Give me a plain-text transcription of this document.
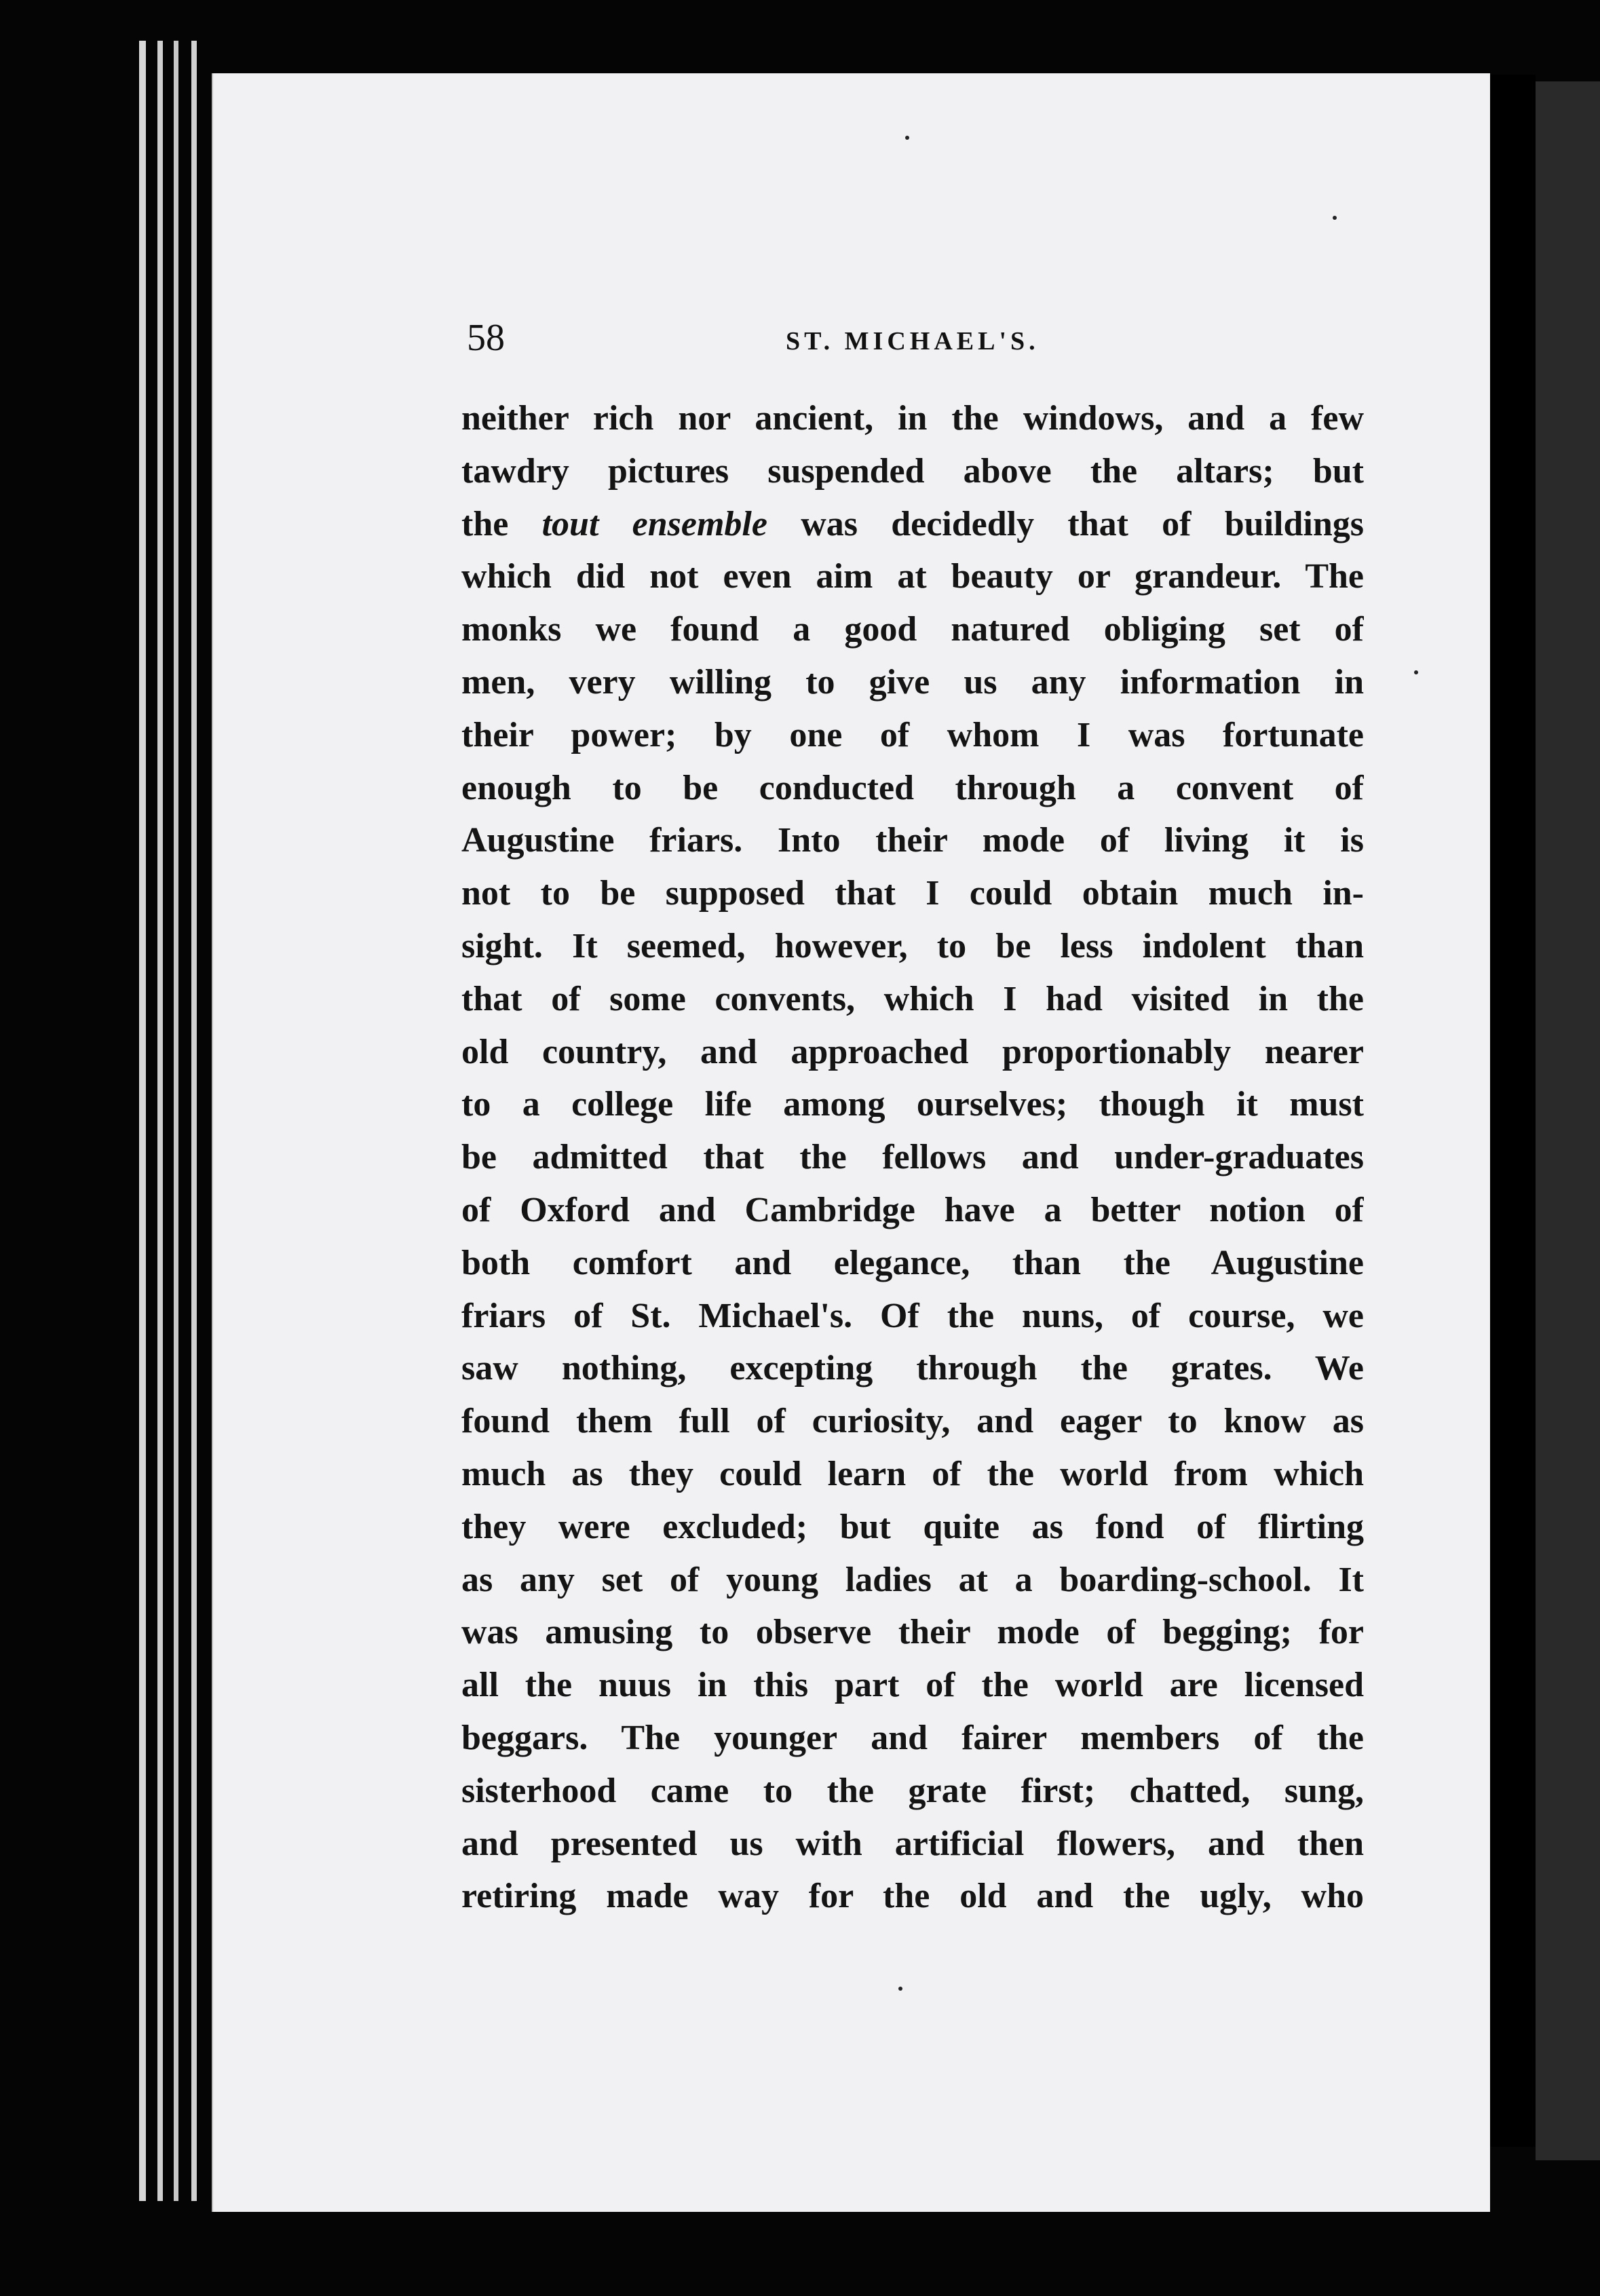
58	ST. MICHAEL'S.
neither rich nor ancient, in the windows, and a few
tawdry pictures suspended above the altars; but
the tout ensemble was decidedly that of buildings
which did not even aim at beauty or grandeur. The
monks we found a good natured obliging set of
men, very willing to give us any information in
their power; by one of whom I was fortunate
enough to be conducted through a convent of
Augustine friars. Into their mode of living it is
not to be supposed that I could obtain much in-
sight. It seemed, however, to be less indolent than
that of some convents, which I had visited in the
old country, and approached proportionably nearer
to a college life among ourselves; though it must
be admitted that the fellows and under-graduates
of Oxford and Cambridge have a better notion of
both comfort and elegance, than the Augustine
friars of St. Michael's. Of the nuns, of course, we
saw nothing, excepting through the grates. We
found them full of curiosity, and eager to know as
much as they could learn of the world from which
they were excluded; but quite as fond of flirting
as any set of young ladies at a boarding-school. It
was amusing to observe their mode of begging; for
all the nuus in this part of the world are licensed
beggars. The younger and fairer members of the
sisterhood came to the grate first; chatted, sung,
and presented us with artificial flowers, and then
retiring made way for the old and the ugly, who
